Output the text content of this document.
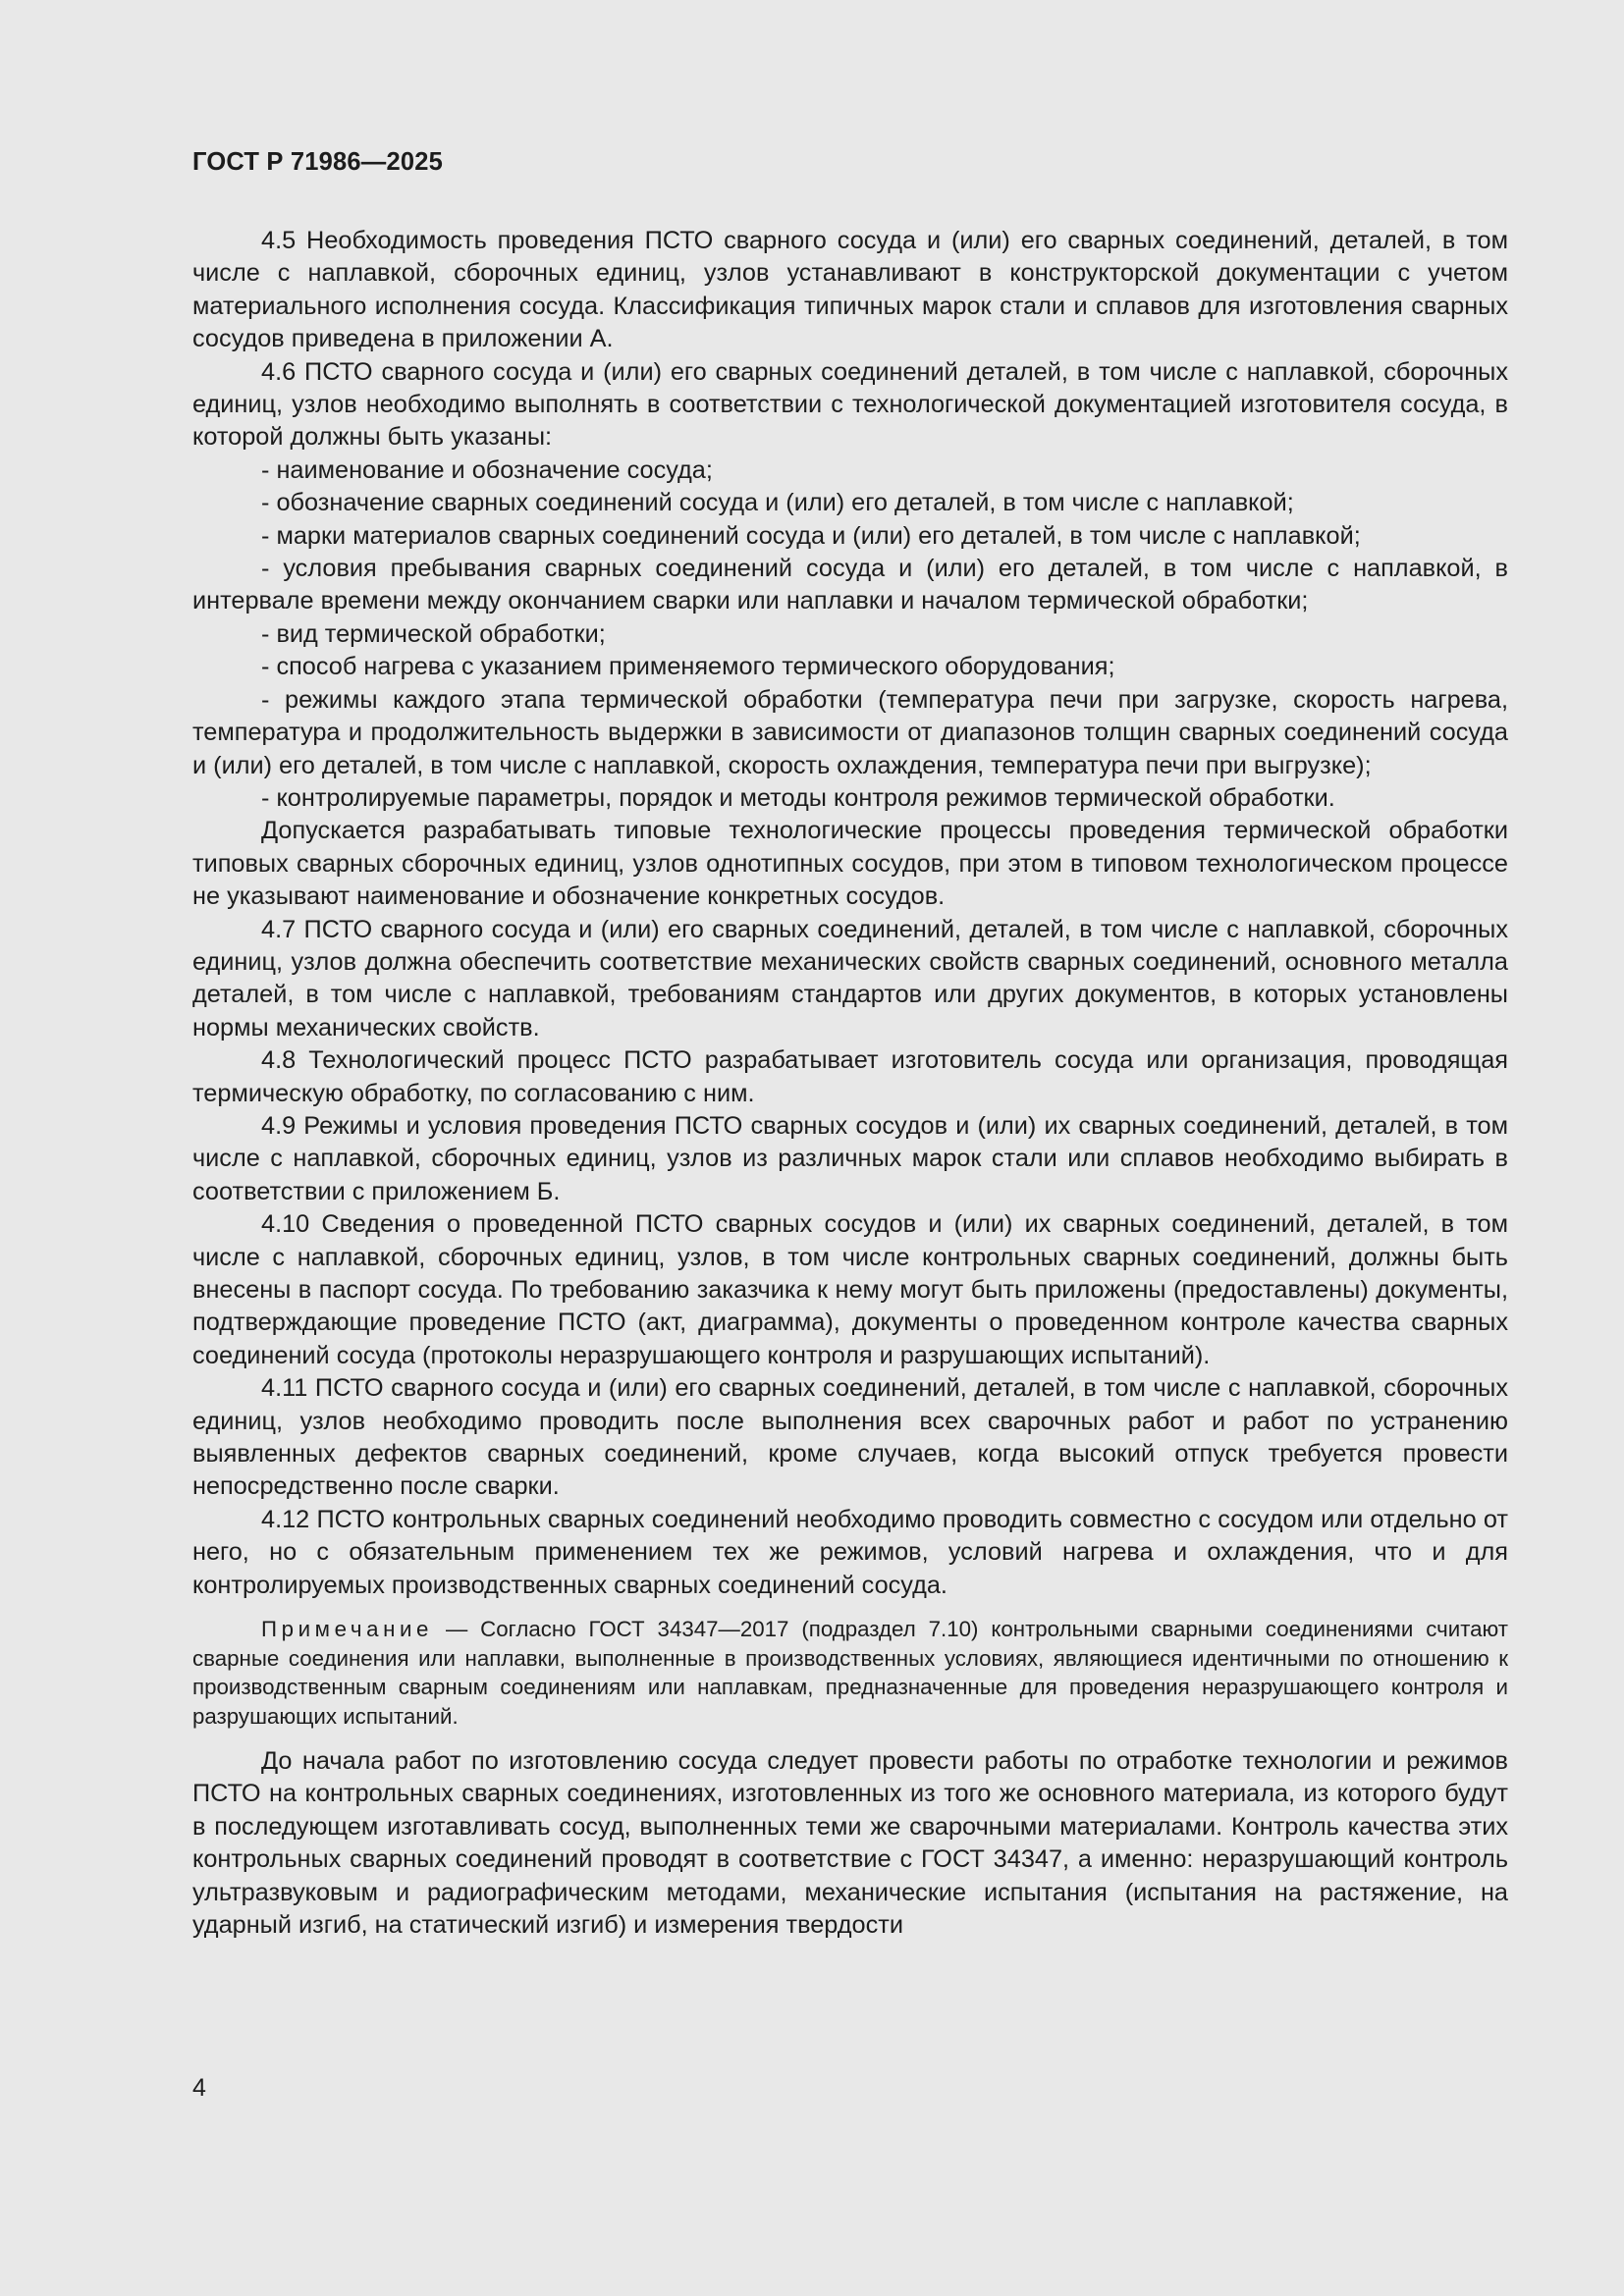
ГОСТ Р 71986—2025

4.5 Необходимость проведения ПСТО сварного сосуда и (или) его сварных соединений, деталей, в том числе с наплавкой, сборочных единиц, узлов устанавливают в конструкторской документации с учетом материального исполнения сосуда. Классификация типичных марок стали и сплавов для изготовления сварных сосудов приведена в приложении А.

4.6 ПСТО сварного сосуда и (или) его сварных соединений деталей, в том числе с наплавкой, сборочных единиц, узлов необходимо выполнять в соответствии с технологической документацией изготовителя сосуда, в которой должны быть указаны:

- наименование и обозначение сосуда;

- обозначение сварных соединений сосуда и (или) его деталей, в том числе с наплавкой;

- марки материалов сварных соединений сосуда и (или) его деталей, в том числе с наплавкой;

- условия пребывания сварных соединений сосуда и (или) его деталей, в том числе с наплавкой, в интервале времени между окончанием сварки или наплавки и началом термической обработки;

- вид термической обработки;

- способ нагрева с указанием применяемого термического оборудования;

- режимы каждого этапа термической обработки (температура печи при загрузке, скорость нагрева, температура и продолжительность выдержки в зависимости от диапазонов толщин сварных соединений сосуда и (или) его деталей, в том числе с наплавкой, скорость охлаждения, температура печи при выгрузке);

- контролируемые параметры, порядок и методы контроля режимов термической обработки.

Допускается разрабатывать типовые технологические процессы проведения термической обработки типовых сварных сборочных единиц, узлов однотипных сосудов, при этом в типовом технологическом процессе не указывают наименование и обозначение конкретных сосудов.

4.7 ПСТО сварного сосуда и (или) его сварных соединений, деталей, в том числе с наплавкой, сборочных единиц, узлов должна обеспечить соответствие механических свойств сварных соединений, основного металла деталей, в том числе с наплавкой, требованиям стандартов или других документов, в которых установлены нормы механических свойств.

4.8 Технологический процесс ПСТО разрабатывает изготовитель сосуда или организация, проводящая термическую обработку, по согласованию с ним.

4.9 Режимы и условия проведения ПСТО сварных сосудов и (или) их сварных соединений, деталей, в том числе с наплавкой, сборочных единиц, узлов из различных марок стали или сплавов необходимо выбирать в соответствии с приложением Б.

4.10 Сведения о проведенной ПСТО сварных сосудов и (или) их сварных соединений, деталей, в том числе с наплавкой, сборочных единиц, узлов, в том числе контрольных сварных соединений, должны быть внесены в паспорт сосуда. По требованию заказчика к нему могут быть приложены (предоставлены) документы, подтверждающие проведение ПСТО (акт, диаграмма), документы о проведенном контроле качества сварных соединений сосуда (протоколы неразрушающего контроля и разрушающих испытаний).

4.11 ПСТО сварного сосуда и (или) его сварных соединений, деталей, в том числе с наплавкой, сборочных единиц, узлов необходимо проводить после выполнения всех сварочных работ и работ по устранению выявленных дефектов сварных соединений, кроме случаев, когда высокий отпуск требуется провести непосредственно после сварки.

4.12 ПСТО контрольных сварных соединений необходимо проводить совместно с сосудом или отдельно от него, но с обязательным применением тех же режимов, условий нагрева и охлаждения, что и для контролируемых производственных сварных соединений сосуда.

Примечание — Согласно ГОСТ 34347—2017 (подраздел 7.10) контрольными сварными соединениями считают сварные соединения или наплавки, выполненные в производственных условиях, являющиеся идентичными по отношению к производственным сварным соединениям или наплавкам, предназначенные для проведения неразрушающего контроля и разрушающих испытаний.

До начала работ по изготовлению сосуда следует провести работы по отработке технологии и режимов ПСТО на контрольных сварных соединениях, изготовленных из того же основного материала, из которого будут в последующем изготавливать сосуд, выполненных теми же сварочными материалами. Контроль качества этих контрольных сварных соединений проводят в соответствие с ГОСТ 34347, а именно: неразрушающий контроль ультразвуковым и радиографическим методами, механические испытания (испытания на растяжение, на ударный изгиб, на статический изгиб) и измерения твердости

4
